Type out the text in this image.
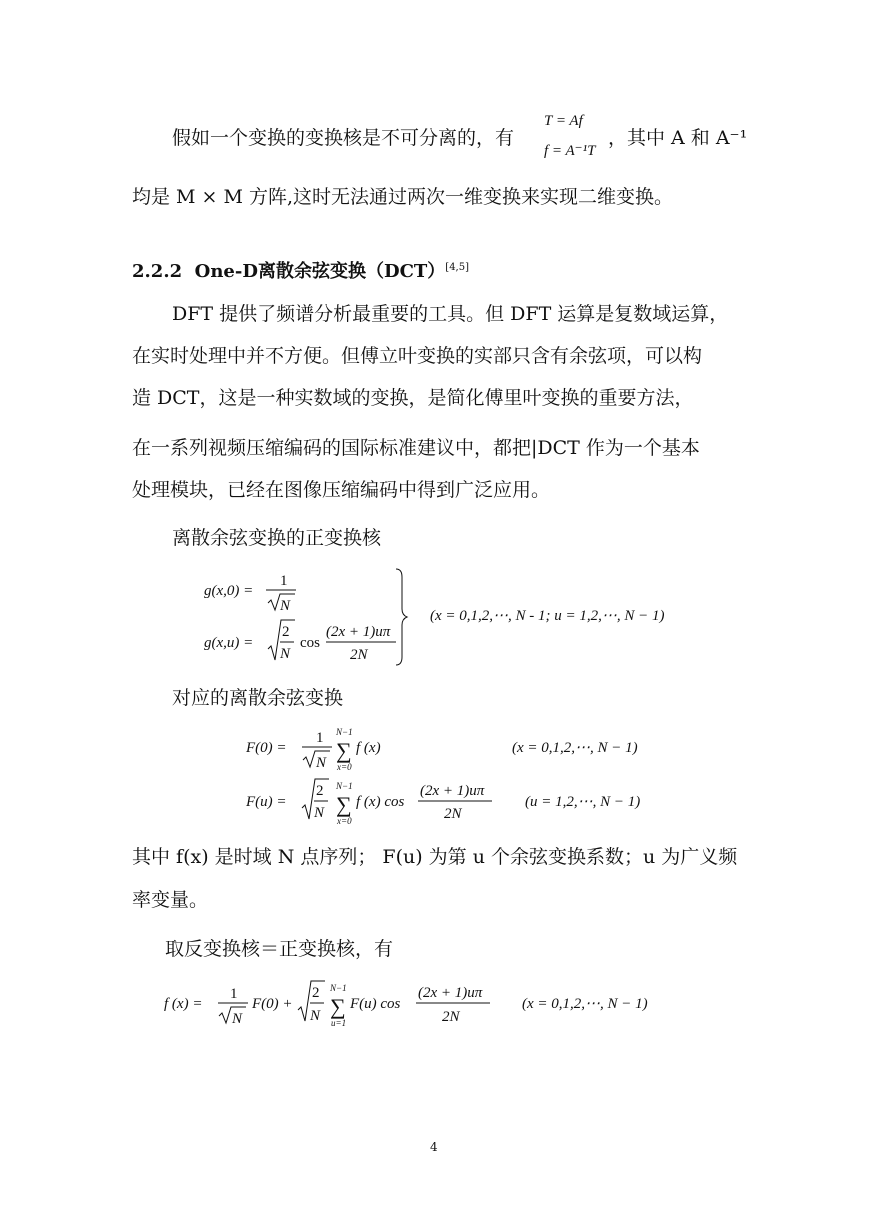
假如一个变换的变换核是不可分离的，有
T = Af
f = A⁻¹T
，其中 A 和 A⁻¹
均是 M × M 方阵,这时无法通过两次一维变换来实现二维变换。
2.2.2 One-D离散余弦变换（DCT）[4,5]
DFT 提供了频谱分析最重要的工具。但 DFT 运算是复数域运算，
在实时处理中并不方便。但傅立叶变换的实部只含有余弦项，可以构
造 DCT，这是一种实数域的变换，是简化傅里叶变换的重要方法，
在一系列视频压缩编码的国际标准建议中，都把|DCT 作为一个基本
处理模块，已经在图像压缩编码中得到广泛应用。
离散余弦变换的正变换核
g(x,0) =
1
N
g(x,u) =
2
N
cos
(2x + 1)uπ
2N
(x = 0,1,2,⋯, N - 1; u = 1,2,⋯, N − 1)
对应的离散余弦变换
F(0) =
1
N
N−1
∑
x=0
f (x)	(x = 0,1,2,⋯, N − 1)
F(u) =
2
N
N−1
∑
x=0
f (x) cos
(2x + 1)uπ
2N
(u = 1,2,⋯, N − 1)
其中 f(x) 是时域 N 点序列； F(u) 为第 u 个余弦变换系数；u 为广义频
率变量。
取反变换核＝正变换核，有
f (x) =
1
N
F(0) +
2
N
N−1
∑
u=1
F(u) cos
(2x + 1)uπ
2N
(x = 0,1,2,⋯, N − 1)
4
